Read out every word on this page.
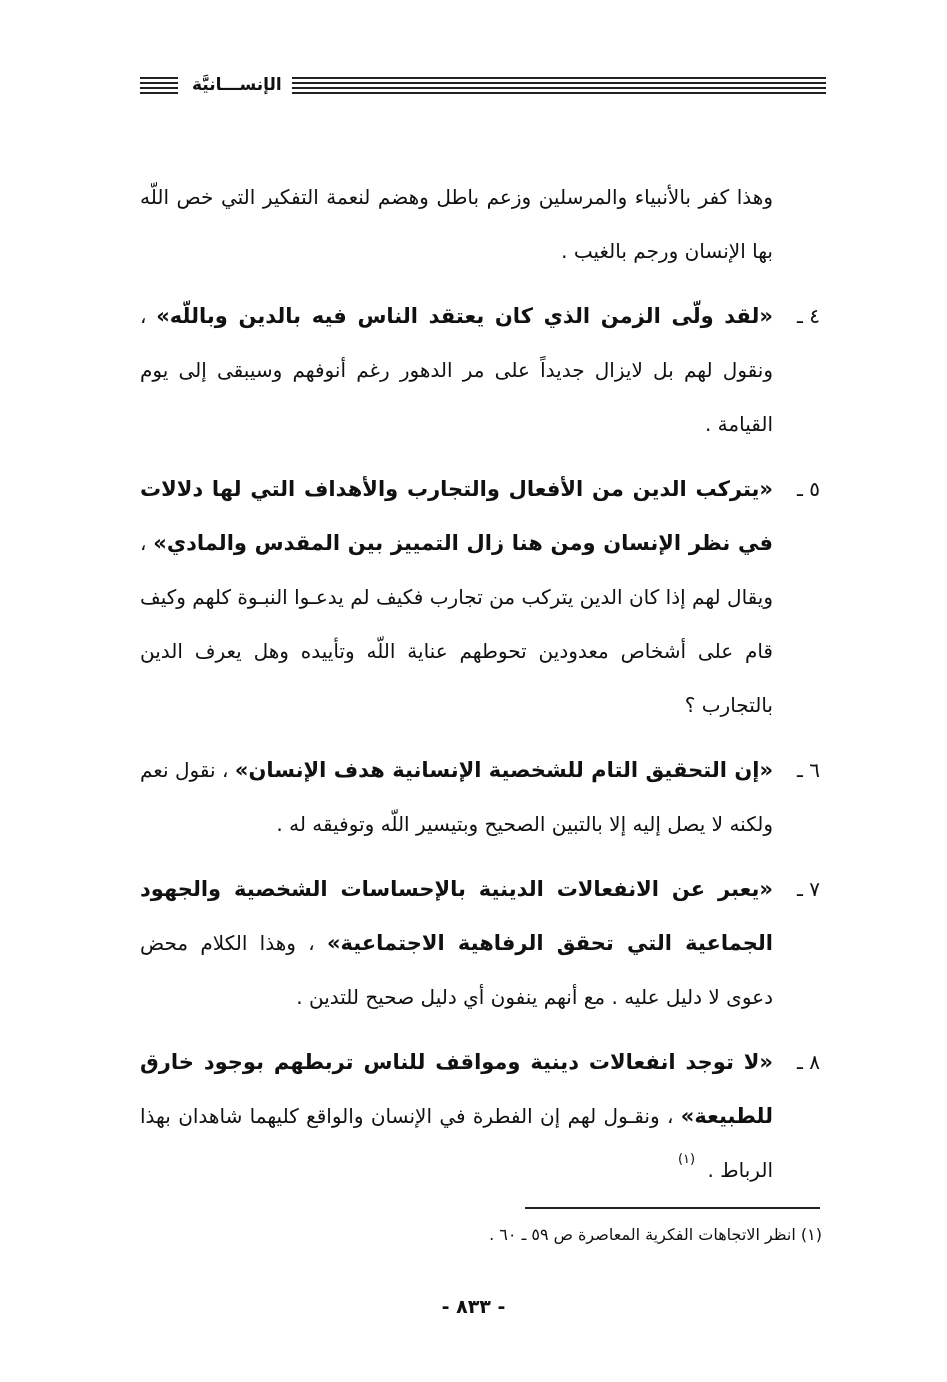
الإنســـانيَّة

وهذا كفر بالأنبياء والمرسلين وزعم باطل وهضم لنعمة التفكير التي خص اللّه بها الإنسان ورجم بالغيب .

٤ ـ
«لقد ولّى الزمن الذي كان يعتقد الناس فيه بالدين وباللّه» ، ونقول لهم بل لايزال جديداً على مر الدهور رغم أنوفهم وسيبقى إلى يوم القيامة .
٥ ـ
«يتركب الدين من الأفعال والتجارب والأهداف التي لها دلالات في نظر الإنسان ومن هنا زال التمييز بين المقدس والمادي» ، ويقال لهم إذا كان الدين يتركب من تجارب فكيف لم يدعـوا النبـوة كلهم وكيف قام على أشخاص معدودين تحوطهم عناية اللّه وتأييده وهل يعرف الدين بالتجارب ؟
٦ ـ
«إن التحقيق التام للشخصية الإنسانية هدف الإنسان» ، نقول نعم ولكنه لا يصل إليه إلا بالتبين الصحيح وبتيسير اللّه وتوفيقه له .
٧ ـ
«يعبر عن الانفعالات الدينية بالإحساسات الشخصية والجهود الجماعية التي تحقق الرفاهية الاجتماعية» ، وهذا الكلام محض دعوى لا دليل عليه . مع أنهم ينفون أي دليل صحيح للتدين .
٨ ـ
«لا توجد انفعالات دينية ومواقف للناس تربطهم بوجود خارق للطبيعة» ، ونقـول لهم إن الفطرة في الإنسان والواقع كليهما شاهدان بهذا الرباط . $^{(١)}$
(١) انظر الاتجاهات الفكرية المعاصرة ص ٥٩ ـ ٦٠ .
- ٨٣٣ -
